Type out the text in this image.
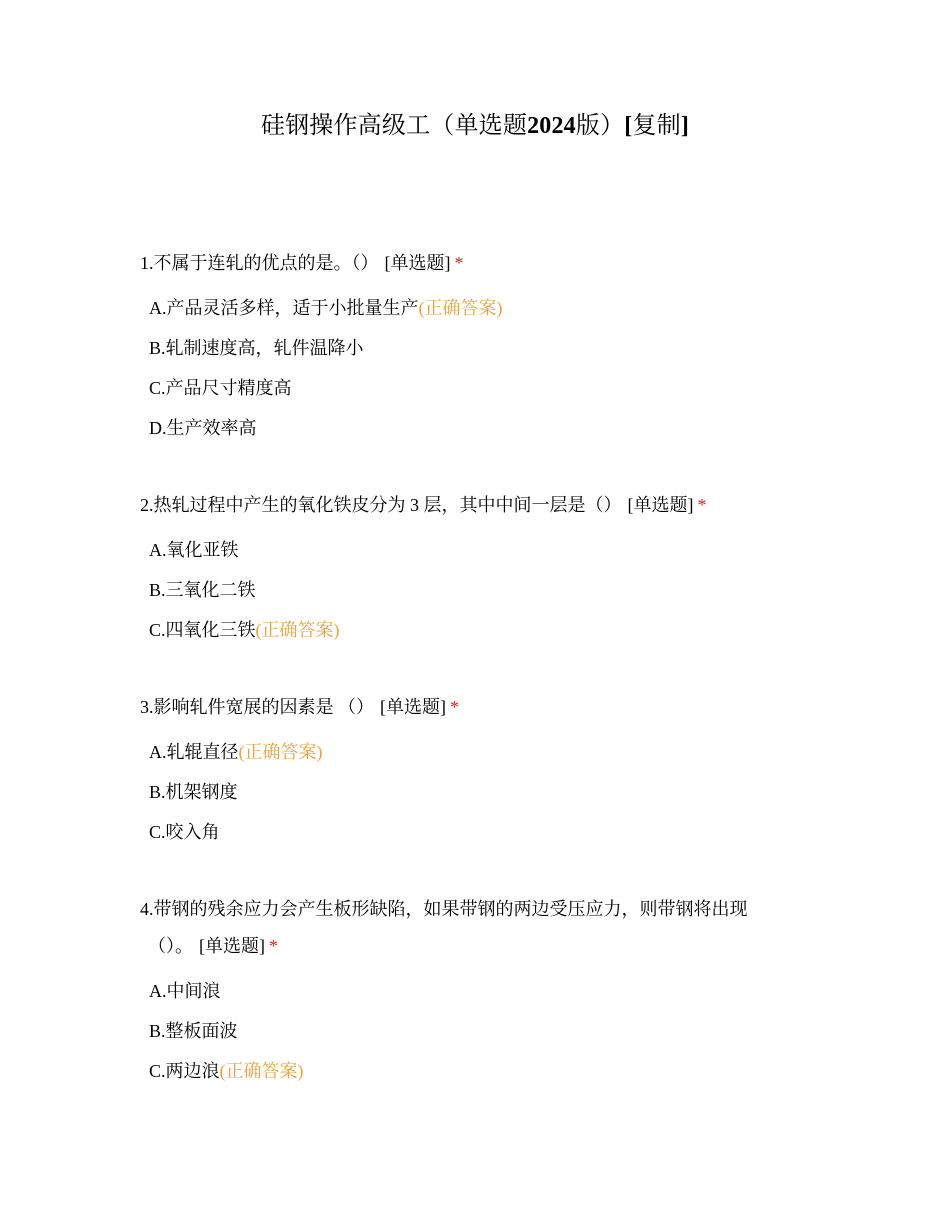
硅钢操作高级工（单选题2024版）[复制]
1.不属于连轧的优点的是。（） [单选题] *
A.产品灵活多样，适于小批量生产(正确答案)
B.轧制速度高，轧件温降小
C.产品尺寸精度高
D.生产效率高
2.热轧过程中产生的氧化铁皮分为 3 层，其中中间一层是（） [单选题] *
A.氧化亚铁
B.三氧化二铁
C.四氧化三铁(正确答案)
3.影响轧件宽展的因素是 （） [单选题] *
A.轧辊直径(正确答案)
B.机架钢度
C.咬入角
4.带钢的残余应力会产生板形缺陷，如果带钢的两边受压应力，则带钢将出现
（）。 [单选题] *
A.中间浪
B.整板面波
C.两边浪(正确答案)
